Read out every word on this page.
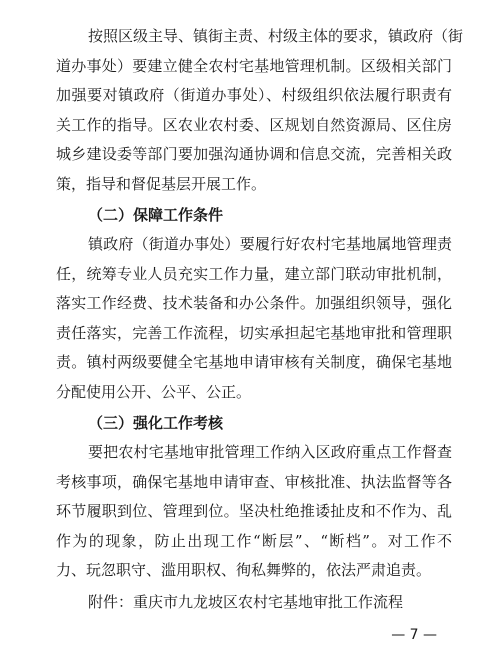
按照区级主导、镇街主责、村级主体的要求，镇政府（街
道办事处）要建立健全农村宅基地管理机制。区级相关部门
加强要对镇政府（街道办事处）、村级组织依法履行职责有
关工作的指导。区农业农村委、区规划自然资源局、区住房
城乡建设委等部门要加强沟通协调和信息交流，完善相关政
策，指导和督促基层开展工作。
（二）保障工作条件
镇政府（街道办事处）要履行好农村宅基地属地管理责
任，统筹专业人员充实工作力量，建立部门联动审批机制，
落实工作经费、技术装备和办公条件。加强组织领导，强化
责任落实，完善工作流程，切实承担起宅基地审批和管理职
责。镇村两级要健全宅基地申请审核有关制度，确保宅基地
分配使用公开、公平、公正。
（三）强化工作考核
要把农村宅基地审批管理工作纳入区政府重点工作督查
考核事项，确保宅基地申请审查、审核批准、执法监督等各
环节履职到位、管理到位。坚决杜绝推诿扯皮和不作为、乱
作为的现象，防止出现工作“断层”、“断档”。对工作不
力、玩忽职守、滥用职权、徇私舞弊的，依法严肃追责。
附件：重庆市九龙坡区农村宅基地审批工作流程
— 7 —
